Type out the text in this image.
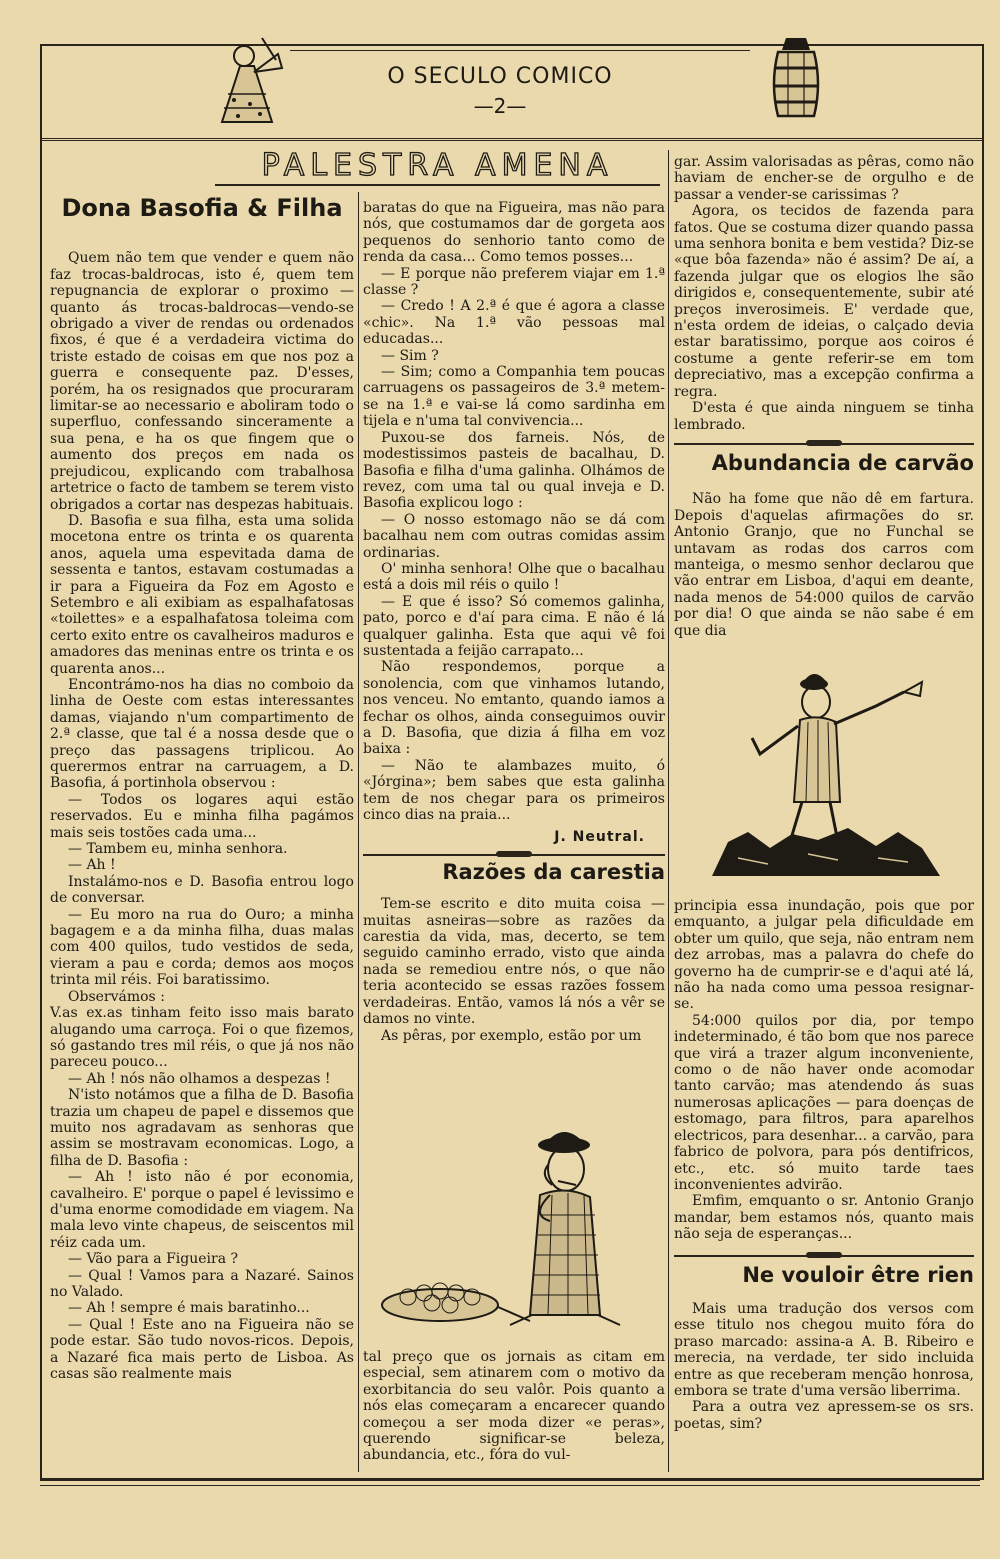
O SECULO COMICO
—2—
PALESTRA AMENA
Dona Basofia & Filha

Quem não tem que vender e quem não faz trocas-baldrocas, isto é, quem tem repugnancia de explorar o proximo — quanto ás trocas-baldrocas—vendo-se obrigado a viver de rendas ou ordenados fixos, é que é a verdadeira victima do triste estado de coisas em que nos poz a guerra e consequente paz. D'esses, porém, ha os resignados que procuraram limitar-se ao necessario e aboliram todo o superfluo, confessando sinceramente a sua pena, e ha os que fingem que o aumento dos preços em nada os prejudicou, explicando com trabalhosa artetrice o facto de tambem se terem visto obrigados a cortar nas despezas habituais.

D. Basofia e sua filha, esta uma solida mocetona entre os trinta e os quarenta anos, aquela uma espevitada dama de sessenta e tantos, estavam costumadas a ir para a Figueira da Foz em Agosto e Setembro e ali exibiam as espalhafatosas «toilettes» e a espalhafatosa toleima com certo exito entre os cavalheiros maduros e amadores das meninas entre os trinta e os quarenta anos...

Encontrámo-nos ha dias no comboio da linha de Oeste com estas interessantes damas, viajando n'um compartimento de 2.ª classe, que tal é a nossa desde que o preço das passagens triplicou. Ao querermos entrar na carruagem, a D. Basofia, á portinhola observou :

— Todos os logares aqui estão reservados. Eu e minha filha pagámos mais seis tostões cada uma...

— Tambem eu, minha senhora.

— Ah !

Instalámo-nos e D. Basofia entrou logo de conversar.

— Eu moro na rua do Ouro; a minha bagagem e a da minha filha, duas malas com 400 quilos, tudo vestidos de seda, vieram a pau e corda; demos aos moços trinta mil réis. Foi baratissimo.

Observámos :

V.as ex.as tinham feito isso mais barato alugando uma carroça. Foi o que fizemos, só gastando tres mil réis, o que já nos não pareceu pouco...

— Ah ! nós não olhamos a despezas !

N'isto notámos que a filha de D. Basofia trazia um chapeu de papel e dissemos que muito nos agradavam as senhoras que assim se mostravam economicas. Logo, a filha de D. Basofia :

— Ah ! isto não é por economia, cavalheiro. E' porque o papel é levissimo e d'uma enorme comodidade em viagem. Na mala levo vinte chapeus, de seiscentos mil réiz cada um.

— Vão para a Figueira ?

— Qual ! Vamos para a Nazaré. Sainos no Valado.

— Ah ! sempre é mais baratinho...

— Qual ! Este ano na Figueira não se pode estar. São tudo novos-ricos. Depois, a Nazaré fica mais perto de Lisboa. As casas são realmente mais

baratas do que na Figueira, mas não para nós, que costumamos dar de gorgeta aos pequenos do senhorio tanto como de renda da casa... Como temos posses...

— E porque não preferem viajar em 1.ª classe ?

— Credo ! A 2.ª é que é agora a classe «chic». Na 1.ª vão pessoas mal educadas...

— Sim ?

— Sim; como a Companhia tem poucas carruagens os passageiros de 3.ª metem-se na 1.ª e vai-se lá como sardinha em tijela e n'uma tal convivencia...

Puxou-se dos farneis. Nós, de modestissimos pasteis de bacalhau, D. Basofia e filha d'uma galinha. Olhámos de revez, com uma tal ou qual inveja e D. Basofia explicou logo :

— O nosso estomago não se dá com bacalhau nem com outras comidas assim ordinarias.

O' minha senhora! Olhe que o bacalhau está a dois mil réis o quilo !

— E que é isso? Só comemos galinha, pato, porco e d'aí para cima. E não é lá qualquer galinha. Esta que aqui vê foi sustentada a feijão carrapato...

Não respondemos, porque a sonolencia, com que vinhamos lutando, nos venceu. No emtanto, quando iamos a fechar os olhos, ainda conseguimos ouvir a D. Basofia, que dizia á filha em voz baixa :

— Não te alambazes muito, ó «Jórgina»; bem sabes que esta galinha tem de nos chegar para os primeiros cinco dias na praia...

J. Neutral.
Razões da carestia

Tem-se escrito e dito muita coisa — muitas asneiras—sobre as razões da carestia da vida, mas, decerto, se tem seguido caminho errado, visto que ainda nada se remediou entre nós, o que não teria acontecido se essas razões fossem verdadeiras. Então, vamos lá nós a vêr se damos no vinte.

As pêras, por exemplo, estão por um

tal preço que os jornais as citam em especial, sem atinarem com o motivo da exorbitancia do seu valôr. Pois quanto a nós elas começaram a encarecer quando começou a ser moda dizer «e peras», querendo significar-se beleza, abundancia, etc., fóra do vul-

gar. Assim valorisadas as pêras, como não haviam de encher-se de orgulho e de passar a vender-se carissimas ?

Agora, os tecidos de fazenda para fatos. Que se costuma dizer quando passa uma senhora bonita e bem vestida? Diz-se «que bôa fazenda» não é assim? De aí, a fazenda julgar que os elogios lhe são dirigidos e, consequentemente, subir até preços inverosimeis. E' verdade que, n'esta ordem de ideias, o calçado devia estar baratissimo, porque aos coiros é costume a gente referir-se em tom depreciativo, mas a excepção confirma a regra.

D'esta é que ainda ninguem se tinha lembrado.

Abundancia de carvão

Não ha fome que não dê em fartura. Depois d'aquelas afirmações do sr. Antonio Granjo, que no Funchal se untavam as rodas dos carros com manteiga, o mesmo senhor declarou que vão entrar em Lisboa, d'aqui em deante, nada menos de 54:000 quilos de carvão por dia! O que ainda se não sabe é em que dia

principia essa inundação, pois que por emquanto, a julgar pela dificuldade em obter um quilo, que seja, não entram nem dez arrobas, mas a palavra do chefe do governo ha de cumprir-se e d'aqui até lá, não ha nada como uma pessoa resignar-se.

54:000 quilos por dia, por tempo indeterminado, é tão bom que nos parece que virá a trazer algum inconveniente, como o de não haver onde acomodar tanto carvão; mas atendendo ás suas numerosas aplicações — para doenças de estomago, para filtros, para aparelhos electricos, para desenhar... a carvão, para fabrico de polvora, para pós dentifricos, etc., etc. só muito tarde taes inconvenientes advirão.

Emfim, emquanto o sr. Antonio Granjo mandar, bem estamos nós, quanto mais não seja de esperanças...

Ne vouloir être rien

Mais uma tradução dos versos com esse titulo nos chegou muito fóra do praso marcado: assina-a A. B. Ribeiro e merecia, na verdade, ter sido incluida entre as que receberam menção honrosa, embora se trate d'uma versão liberrima.

Para a outra vez apressem-se os srs. poetas, sim?
